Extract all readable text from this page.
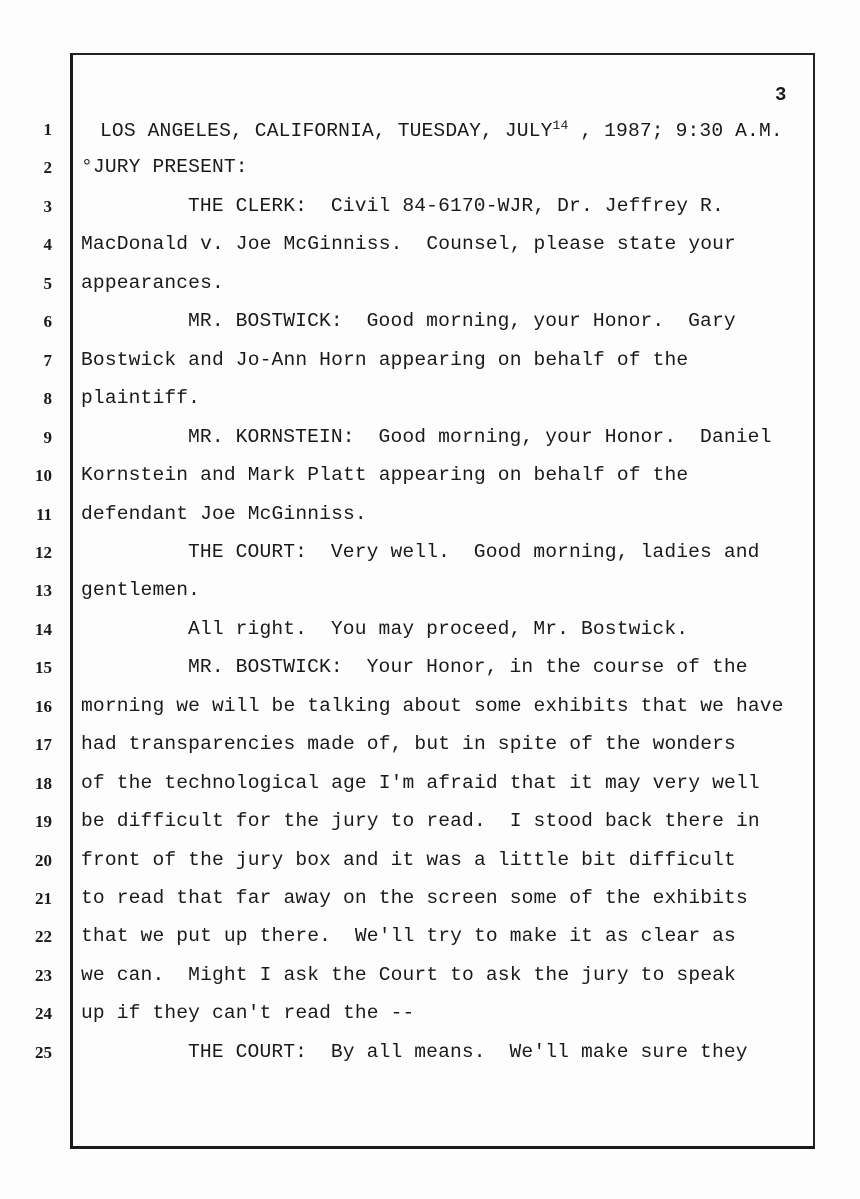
3
1 LOS ANGELES, CALIFORNIA, TUESDAY, JULY$^{14}$ , 1987; 9:30 A.M.
2 °JURY PRESENT:
3	THE CLERK:  Civil 84-6170-WJR, Dr. Jeffrey R.
4 MacDonald v. Joe McGinniss.  Counsel, please state your
5 appearances.
6	MR. BOSTWICK:  Good morning, your Honor.  Gary
7 Bostwick and Jo-Ann Horn appearing on behalf of the
8 plaintiff.
9	MR. KORNSTEIN:  Good morning, your Honor.  Daniel
10 Kornstein and Mark Platt appearing on behalf of the
11 defendant Joe McGinniss.
12	THE COURT:  Very well.  Good morning, ladies and
13 gentlemen.
14	All right.  You may proceed, Mr. Bostwick.
15	MR. BOSTWICK:  Your Honor, in the course of the
16 morning we will be talking about some exhibits that we have
17 had transparencies made of, but in spite of the wonders
18 of the technological age I'm afraid that it may very well
19 be difficult for the jury to read.  I stood back there in
20 front of the jury box and it was a little bit difficult
21 to read that far away on the screen some of the exhibits
22 that we put up there.  We'll try to make it as clear as
23 we can.  Might I ask the Court to ask the jury to speak
24 up if they can't read the --
25	THE COURT:  By all means.  We'll make sure they
